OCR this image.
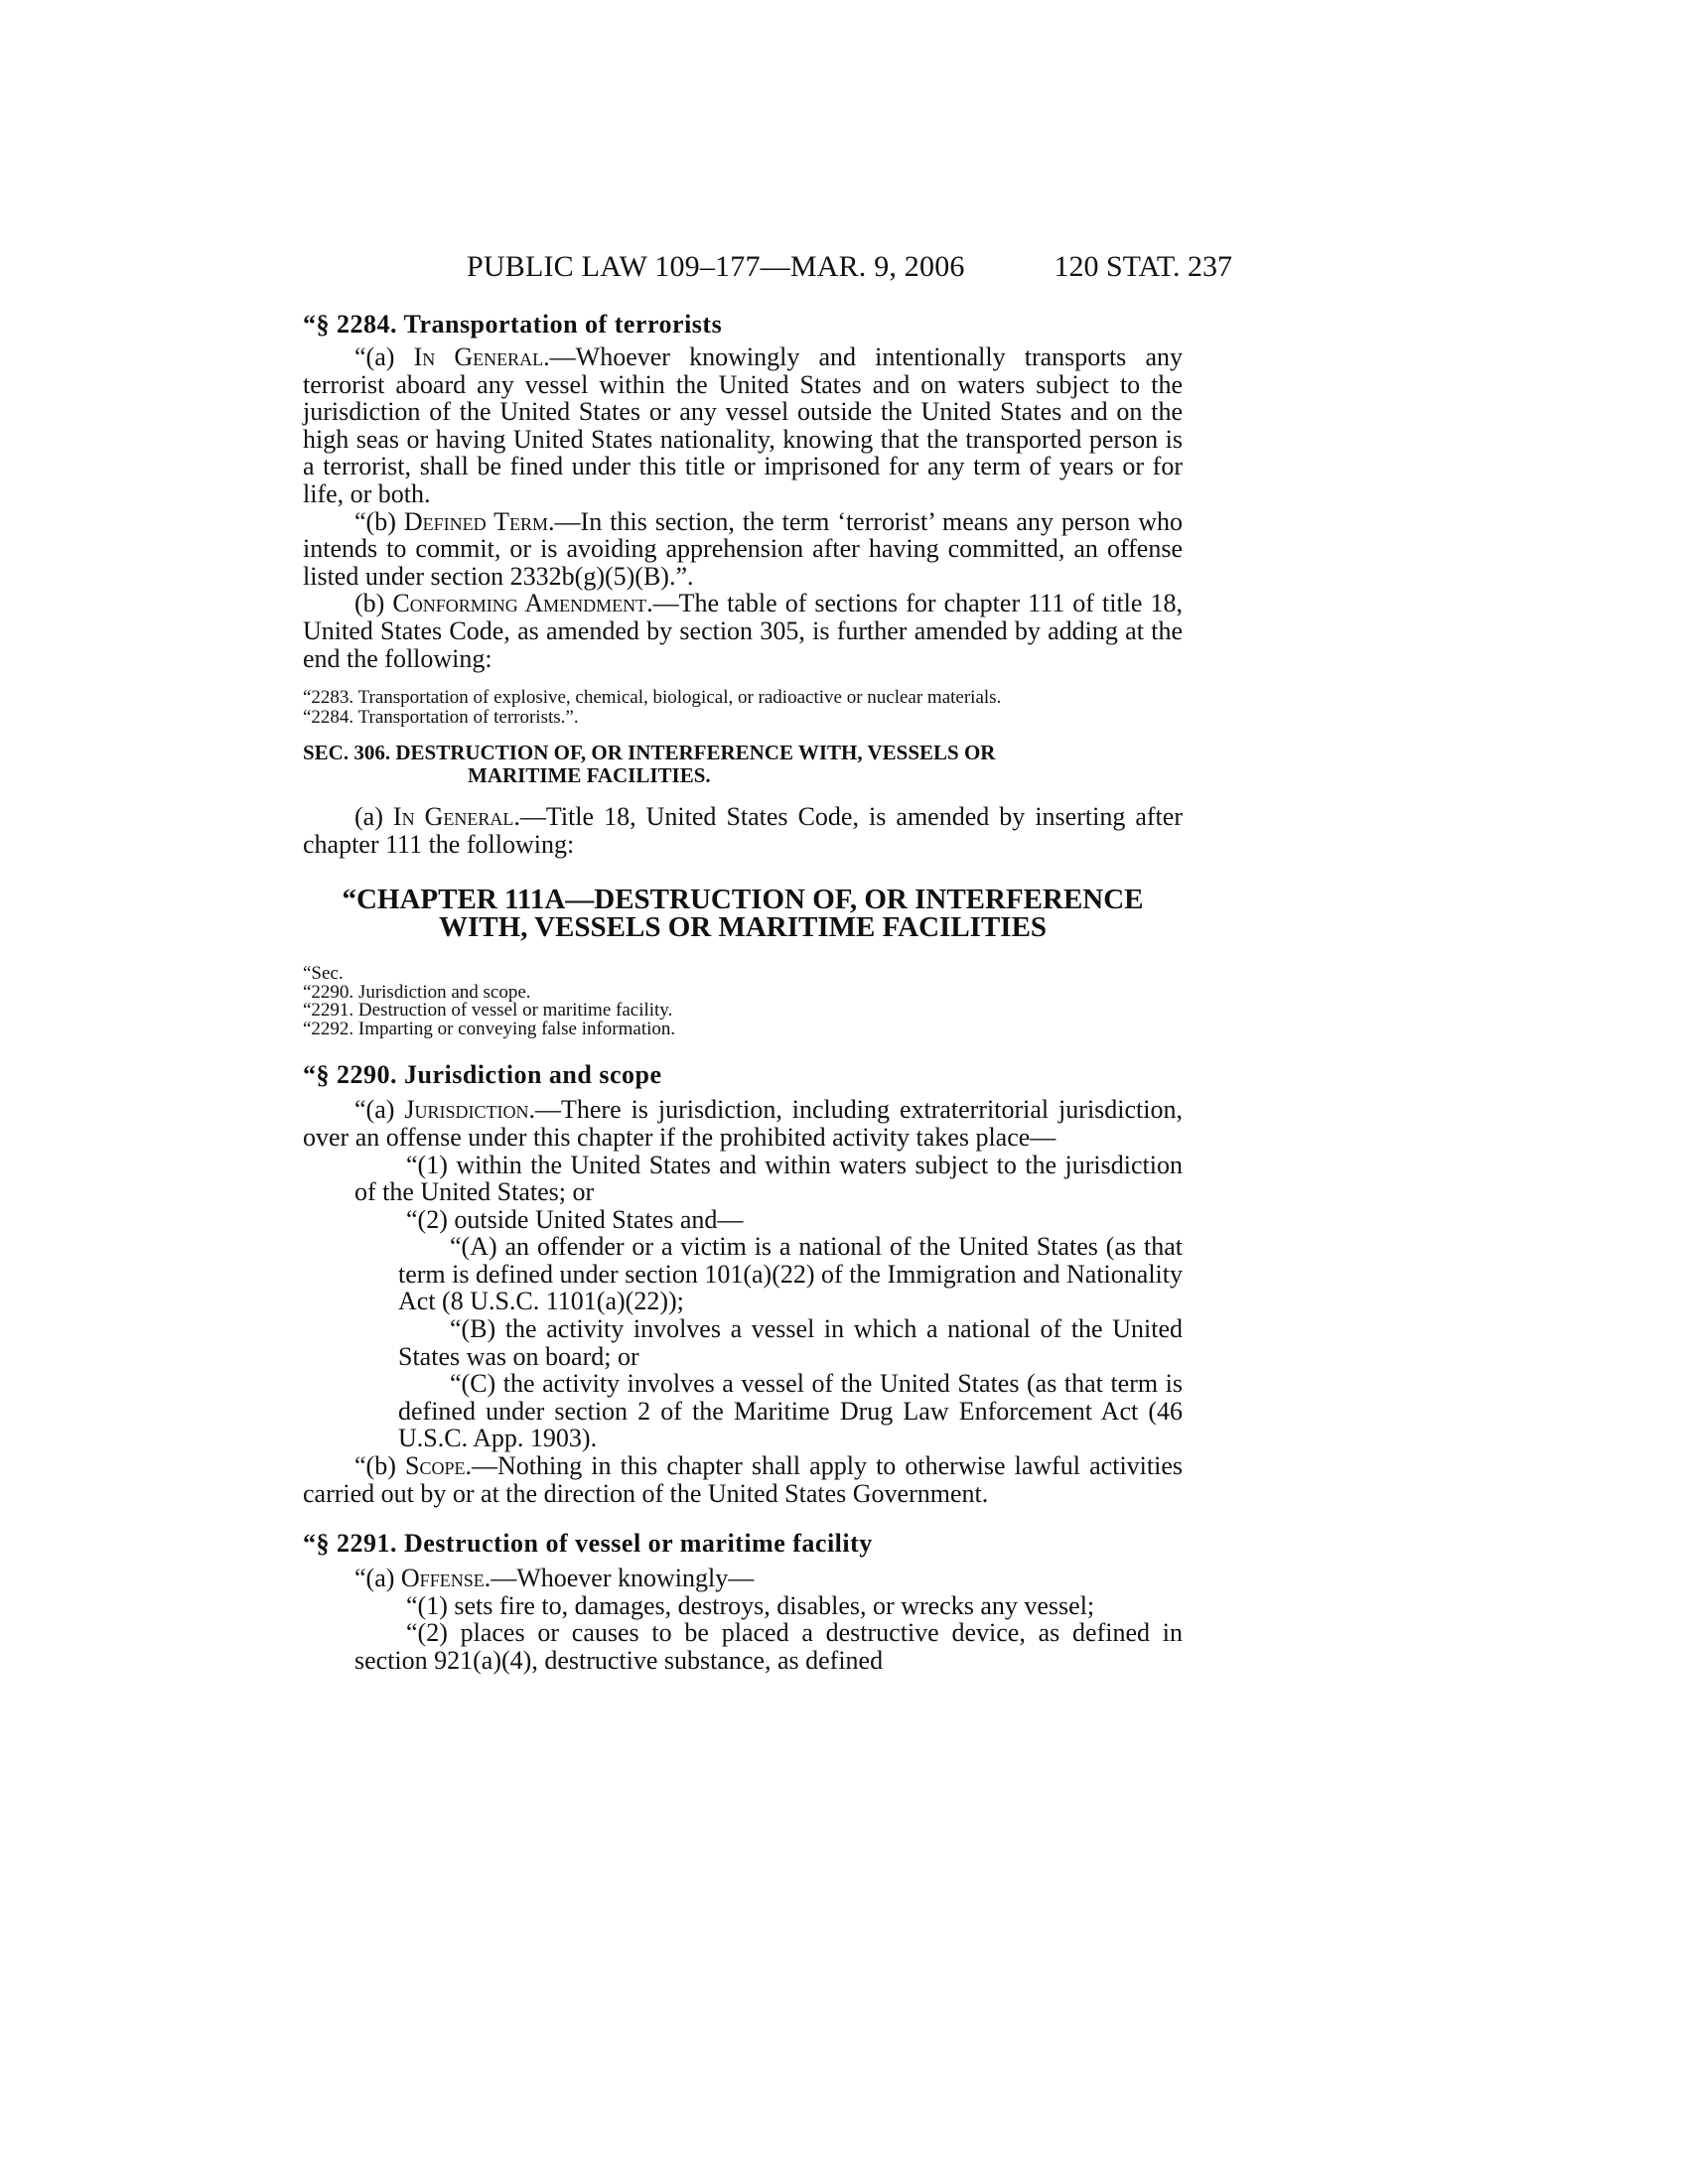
PUBLIC LAW 109–177—MAR. 9, 2006	120 STAT. 237
“§ 2284. Transportation of terrorists

“(a) In General.—Whoever knowingly and intentionally transports any terrorist aboard any vessel within the United States and on waters subject to the jurisdiction of the United States or any vessel outside the United States and on the high seas or having United States nationality, knowing that the transported person is a terrorist, shall be fined under this title or imprisoned for any term of years or for life, or both.

“(b) Defined Term.—In this section, the term ‘terrorist’ means any person who intends to commit, or is avoiding apprehension after having committed, an offense listed under section 2332b(g)(5)(B).”.

(b) Conforming Amendment.—The table of sections for chapter 111 of title 18, United States Code, as amended by section 305, is further amended by adding at the end the following:

“2283. Transportation of explosive, chemical, biological, or radioactive or nuclear materials.
“2284. Transportation of terrorists.”.
SEC. 306. DESTRUCTION OF, OR INTERFERENCE WITH, VESSELS OR
MARITIME FACILITIES.

(a) In General.—Title 18, United States Code, is amended by inserting after chapter 111 the following:

“CHAPTER 111A—DESTRUCTION OF, OR INTERFERENCE
WITH, VESSELS OR MARITIME FACILITIES
“Sec.
“2290. Jurisdiction and scope.
“2291. Destruction of vessel or maritime facility.
“2292. Imparting or conveying false information.
“§ 2290. Jurisdiction and scope

“(a) Jurisdiction.—There is jurisdiction, including extraterritorial jurisdiction, over an offense under this chapter if the prohibited activity takes place—

“(1) within the United States and within waters subject to the jurisdiction of the United States; or

“(2) outside United States and—

“(A) an offender or a victim is a national of the United States (as that term is defined under section 101(a)(22) of the Immigration and Nationality Act (8 U.S.C. 1101(a)(22));

“(B) the activity involves a vessel in which a national of the United States was on board; or

“(C) the activity involves a vessel of the United States (as that term is defined under section 2 of the Maritime Drug Law Enforcement Act (46 U.S.C. App. 1903).

“(b) Scope.—Nothing in this chapter shall apply to otherwise lawful activities carried out by or at the direction of the United States Government.

“§ 2291. Destruction of vessel or maritime facility

“(a) Offense.—Whoever knowingly—

“(1) sets fire to, damages, destroys, disables, or wrecks any vessel;

“(2) places or causes to be placed a destructive device, as defined in section 921(a)(4), destructive substance, as defined
